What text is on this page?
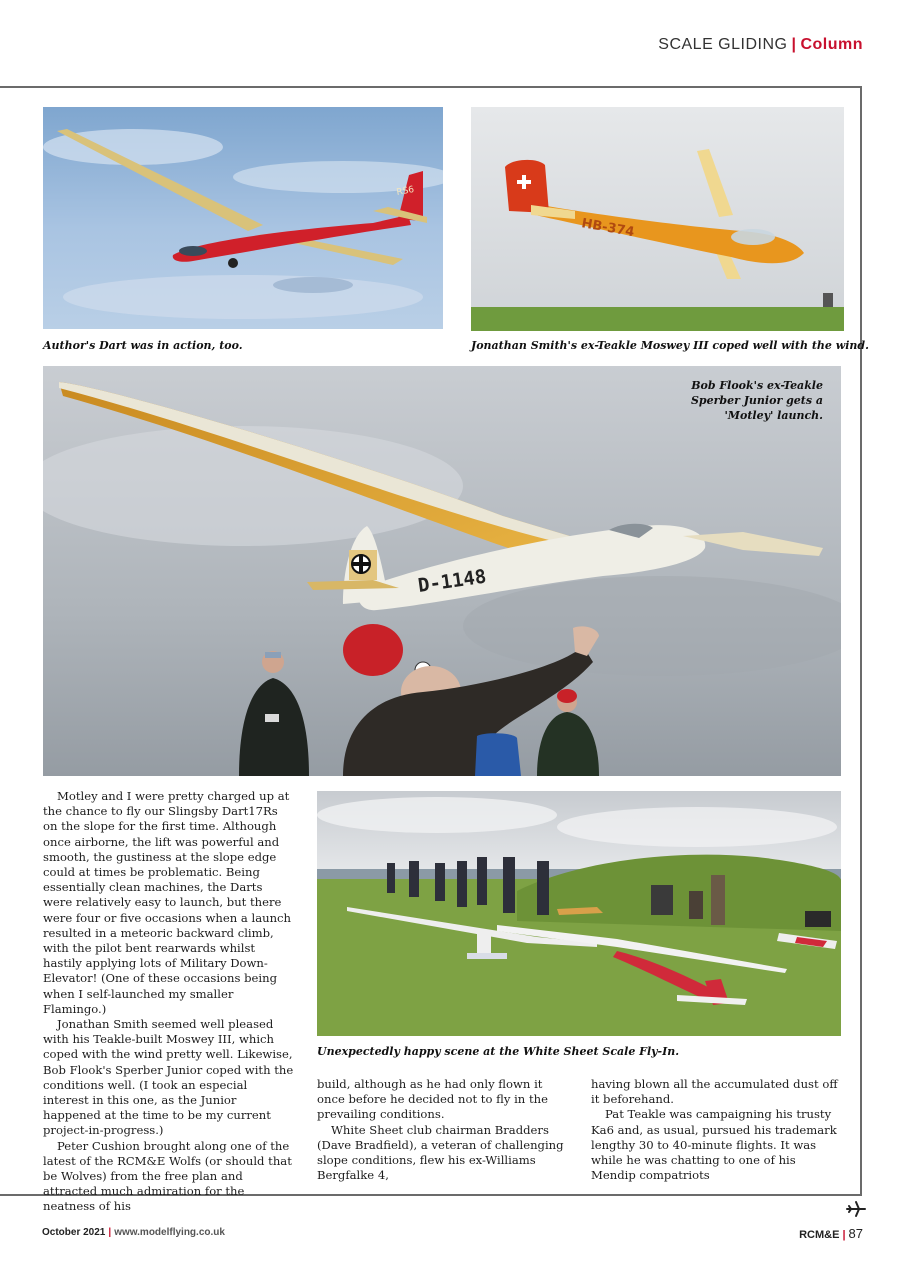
SCALE GLIDING | Column
RS6
Author's Dart was in action, too.
HB-374
Jonathan Smith's ex-Teakle Moswey III coped well with the wind.
D-1148
Bob Flook's ex-Teakle Sperber Junior gets a 'Motley' launch.

Motley and I were pretty charged up at the chance to fly our Slingsby Dart17Rs on the slope for the first time. Although once airborne, the lift was powerful and smooth, the gustiness at the slope edge could at times be problematic. Being essentially clean machines, the Darts were relatively easy to launch, but there were four or five occasions when a launch resulted in a meteoric backward climb, with the pilot bent rearwards whilst hastily applying lots of Military Down-Elevator! (One of these occasions being when I self-launched my smaller Flamingo.)

Jonathan Smith seemed well pleased with his Teakle-built Moswey III, which coped with the wind pretty well. Likewise, Bob Flook's Sperber Junior coped with the conditions well. (I took an especial interest in this one, as the Junior happened at the time to be my current project-in-progress.)

Peter Cushion brought along one of the latest of the RCM&E Wolfs (or should that be Wolves) from the free plan and attracted much admiration for the neatness of his

Unexpectedly happy scene at the White Sheet Scale Fly-In.

build, although as he had only flown it once before he decided not to fly in the prevailing conditions.

White Sheet club chairman Bradders (Dave Bradfield), a veteran of challenging slope conditions, flew his ex-Williams Bergfalke 4,

having blown all the accumulated dust off it beforehand.

Pat Teakle was campaigning his trusty Ka6 and, as usual, pursued his trademark lengthy 30 to 40-minute flights. It was while he was chatting to one of his Mendip compatriots

October 2021 | www.modelflying.co.uk	RCM&E | 87
